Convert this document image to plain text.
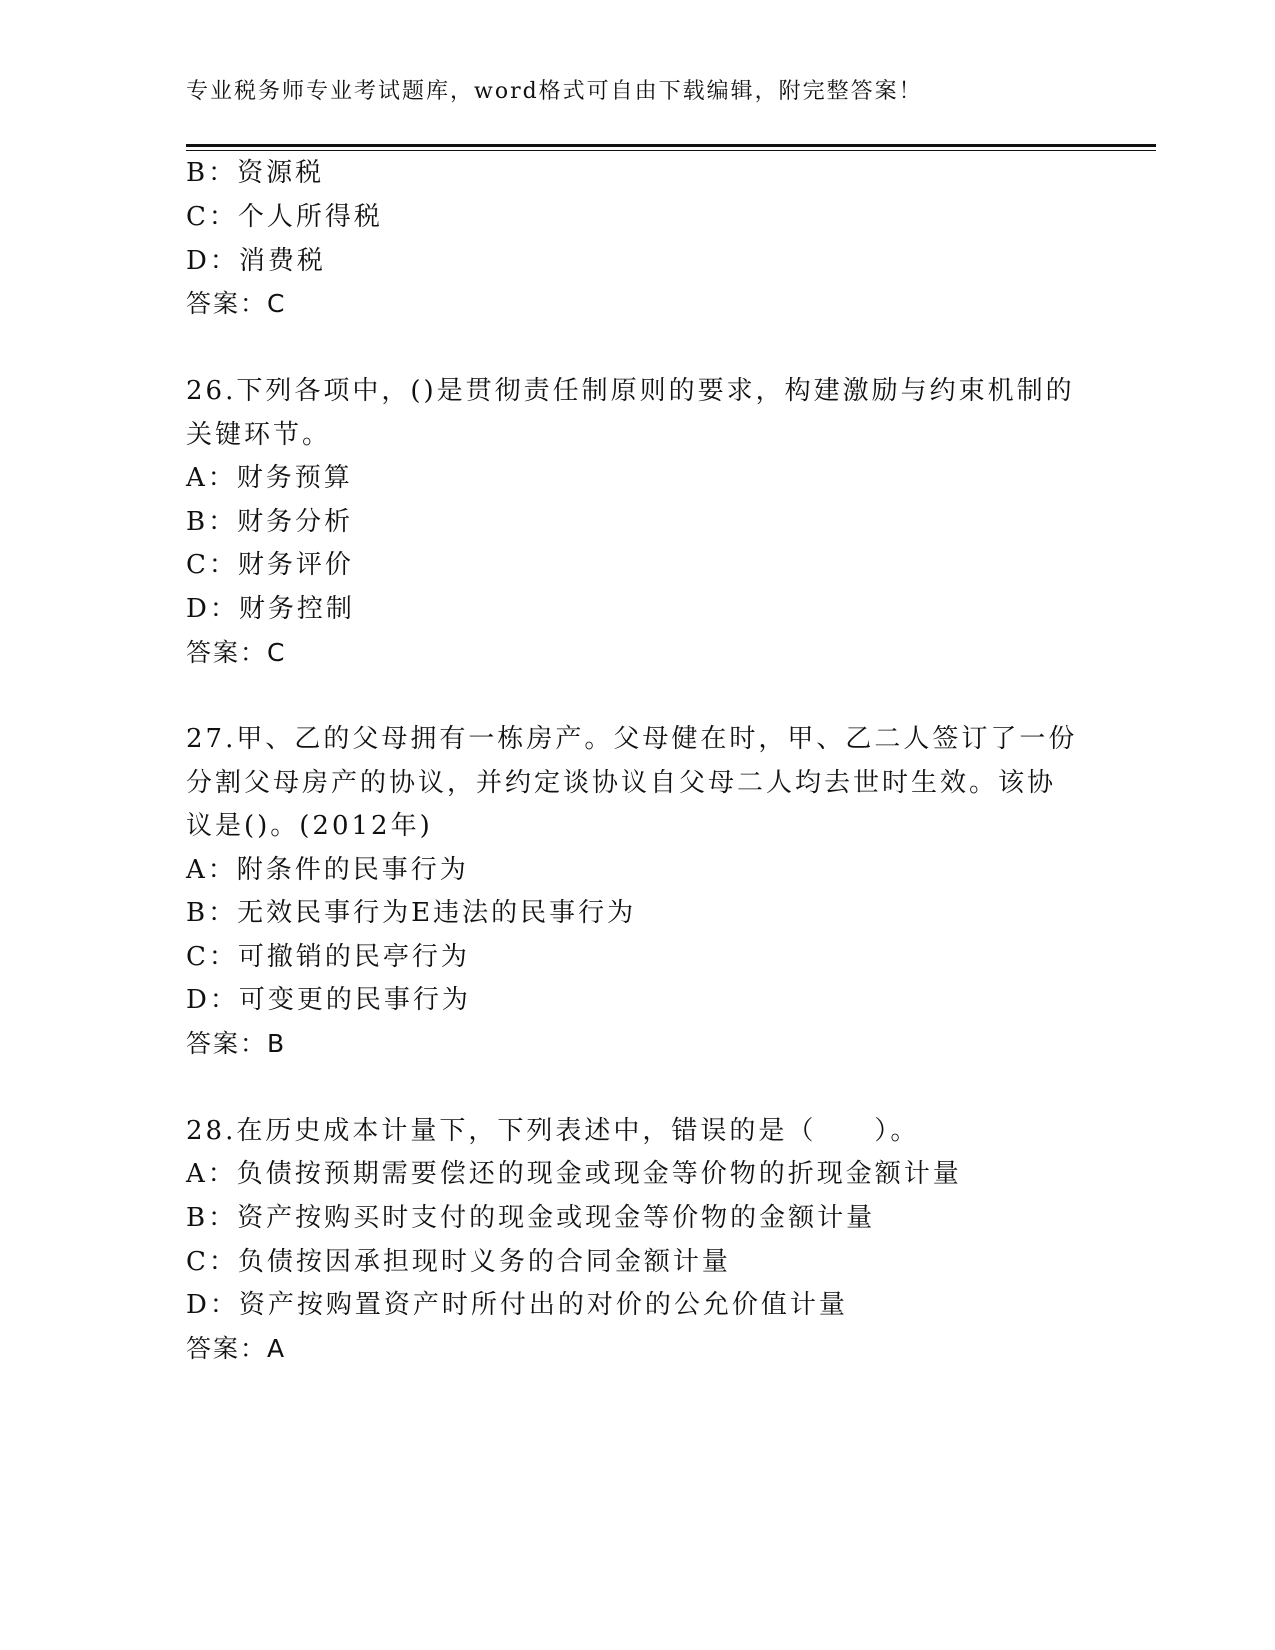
专业税务师专业考试题库，word格式可自由下载编辑，附完整答案！
B：资源税
C：个人所得税
D：消费税
答案：C
26.下列各项中，()是贯彻责任制原则的要求，构建激励与约束机制的
关键环节。
A：财务预算
B：财务分析
C：财务评价
D：财务控制
答案：C
27.甲、乙的父母拥有一栋房产。父母健在时，甲、乙二人签订了一份
分割父母房产的协议，并约定谈协议自父母二人均去世时生效。该协
议是()。(2012年)
A：附条件的民事行为
B：无效民事行为E违法的民事行为
C：可撤销的民亭行为
D：可变更的民事行为
答案：B
28.在历史成本计量下，下列表述中，错误的是（　　）。
A：负债按预期需要偿还的现金或现金等价物的折现金额计量
B：资产按购买时支付的现金或现金等价物的金额计量
C：负债按因承担现时义务的合同金额计量
D：资产按购置资产时所付出的对价的公允价值计量
答案：A
